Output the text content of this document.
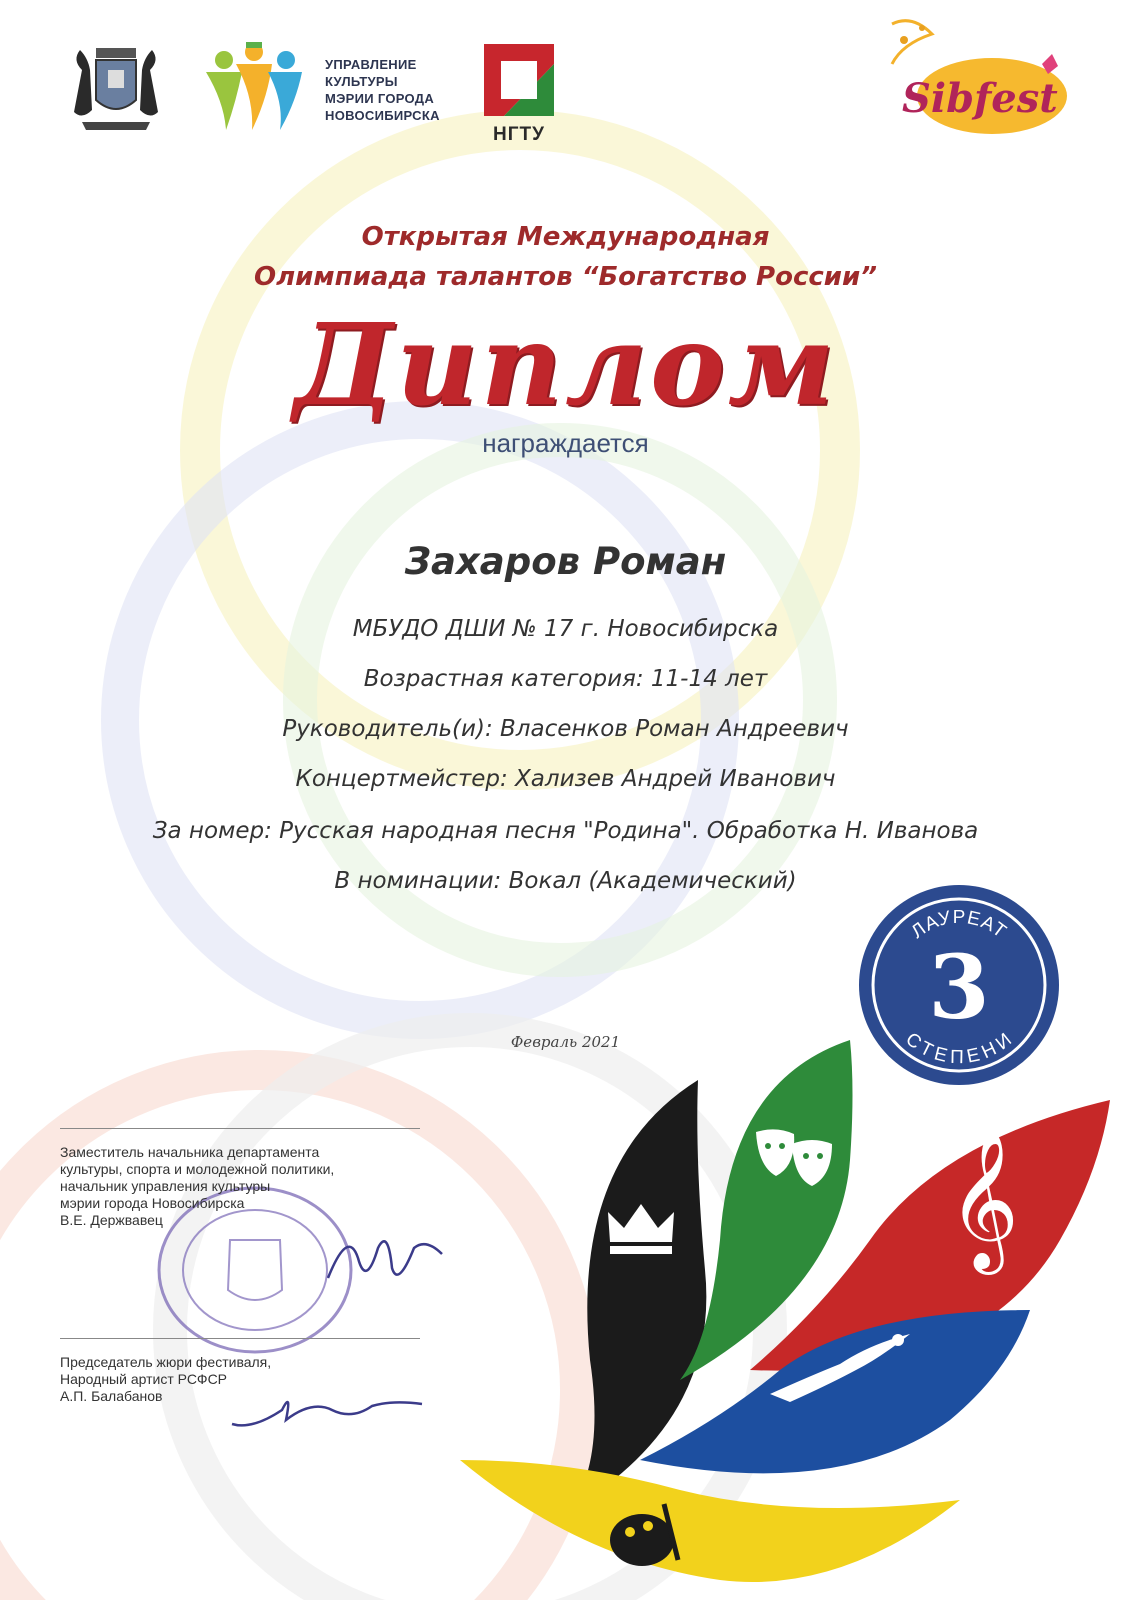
УПРАВЛЕНИЕ
КУЛЬТУРЫ
МЭРИИ ГОРОДА
НОВОСИБИРСКА
НГТУ
Sibfest
Открытая Международная
Олимпиада талантов “Богатство России”
Диплом
награждается
Захаров Роман
МБУДО ДШИ № 17 г. Новосибирска
Возрастная категория: 11-14 лет
Руководитель(и): Власенков Роман Андреевич
Концертмейстер: Хализев Андрей Иванович
За номер: Русская народная песня "Родина". Обработка Н. Иванова
В номинации: Вокал (Академический)
ЛАУРЕАТ
СТЕПЕНИ
3
Февраль 2021
𝄞
Заместитель начальника департамента
культуры, спорта и молодежной политики,
начальник управления культуры
мэрии города Новосибирска
В.Е. Держвавец
Председатель жюри фестиваля,
Народный артист РСФСР
А.П. Балабанов
